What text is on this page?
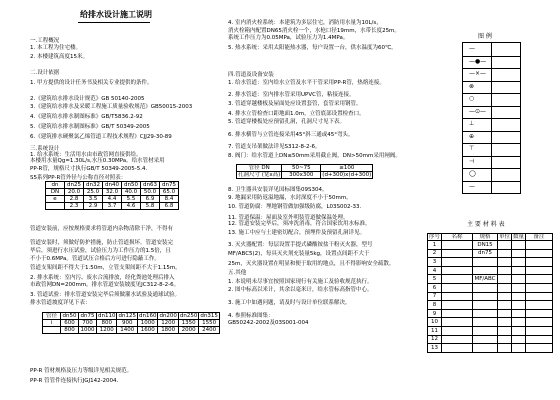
给排水设计施工说明
一.工程概况
1. 本工程为住宅楼。
2. 本楼建筑高度15米。
二.设计依据
1. 甲方提供的设计任务书及相关专业提供的条件。
2.《建筑给水排水设计规范》GB 50140-2005
3.《建筑给水排水及采暖工程施工质量验收规范》GB50015-2003
4.《建筑给水排水制图标准》GB/T5836.2-92
5.《建筑给水排水制图标准》GB/T 50349-2005
6.《建筑排水硬聚氯乙烯管道工程技术规程》CJJ29-30-89
三.系统设计
1. 给水系统：生活用水由市政管网直接供给。
本楼用水量Qg=1.30L/s,水压0.30MPa。给水管材采用
PP-R管，规格尺寸执行GB/T 50349-2005-5.4.
S5系列PP-R管外径与公称直径对照表：
管道安装前，应按规格要求将管道内杂物清除干净，不得有
管道安装时，须做好防护措施，防止管道损坏。管道安装完
毕后，须进行水压试验，试验压力为工作压力的1.5倍，且
不小于0.6MPa。管道试压合格后方可进行隐蔽工作。
管道支架间距不得大于1.50m，立管支架间距不大于1.15m。
2. 排水系统：室内污、废水合流排放，经化粪池处理后排入
市政管网DN=200mm。排水管道安装坡度见JC312-8-2-6。
3. 管道试验：排水管道安装完毕后须做灌水试验及通球试验。
排水管道坡度详见下表：
PP-R 管材规格及压力等级详见相关规范。
PP-R 管管件连接执行JGJ142-2004.
dn	dn25	dn32	dn40	dn50	dn63	dn75
DN	20.0	25.0	32.0	40.0	50.0	65.0
e	2.8	3.5	4.4	5.5	6.9	8.4
	2.3	2.9	3.7	4.6	5.8	6.8
管径	dn50	dn75	dn110	dn125	dn160	dn200	dn250	dn315
i	600	700	800	900	1000	1200	1350	1550
	800	1000	1200	1400	1600	1800	2000	2400
4. 室内消火栓系统：本建筑为多层住宅，消防用水量为10L/s，
消火栓箱内配置DN65消火栓一个，水枪口径19mm，水带长度25m。
系统工作压力为0.05MPa，试验压力为1.4MPa。
5. 热水系统：采用太阳能热水器，每户设置一台，供水温度为60℃。
四.管道及设备安装
1. 给水管道：室内给水立管及水平干管采用PP-R管，热熔连接。
2. 排水管道：室内排水管采用UPVC管，粘接连接。
3. 管道穿越楼板及屋面处应设置套管，套管采用钢管。
4. 排水立管检查口距地面1.0m，立管底部设置检查口。
5. 管道穿楼板处应预留孔洞，孔洞尺寸见下表。
6. 排水横管与立管连接采用45°斜三通或45°弯头。
7. 管道支吊架做法详见S312-8-2-6。
8. 阀门：给水管道上DN≤50mm采用截止阀，DN>50mm采用闸阀。
8. 卫生器具安装详见国标图集09S304。
9. 地漏采用防返溢地漏，水封深度不小于50mm。
10. 管道防腐：埋地钢管做加强级防腐，L03S002-33.
11. 管道保温：屋面及室外明装管道做保温处理。
12. 管道安装完毕后，须冲洗消毒，符合国家饮用水标准。
13. 施工中应与土建密切配合，预埋件及预留孔洞详见。
3. 灭火器配置：每层设置手提式磷酸铵盐干粉灭火器，型号
MF/ABC5(2)，每具灭火剂充装量5kg，设置点间距不大于
25m，灭火器设置在明显和便于取用的地点，且不得影响安全疏散。
五.其他
1. 本说明未尽事宜按照国家现行有关施工及验收规范执行。
2. 图中标高以米计，其余以毫米计，给水管标高指管中心。
3. 施工中如遇问题，请及时与设计单位联系解决。
4. 参照标准图集：
GB50242-2002及03S001-004
管径 DN	50~75	≥100
孔洞尺寸 (宽x高)	300x300	(d+300)x(d+300)
图 例
—
—●—
—×—
⊗
○
—⊙—
⊥
⊕
⊤
⊣
◯
—
主 要 材 料 表
序号	名称	规格	单位	数量	备注
1		DN15			
2		dn75			
3					
4					
5		MF/ABC			
6					
7					
8					
9					
10					
11					
12					
13					
